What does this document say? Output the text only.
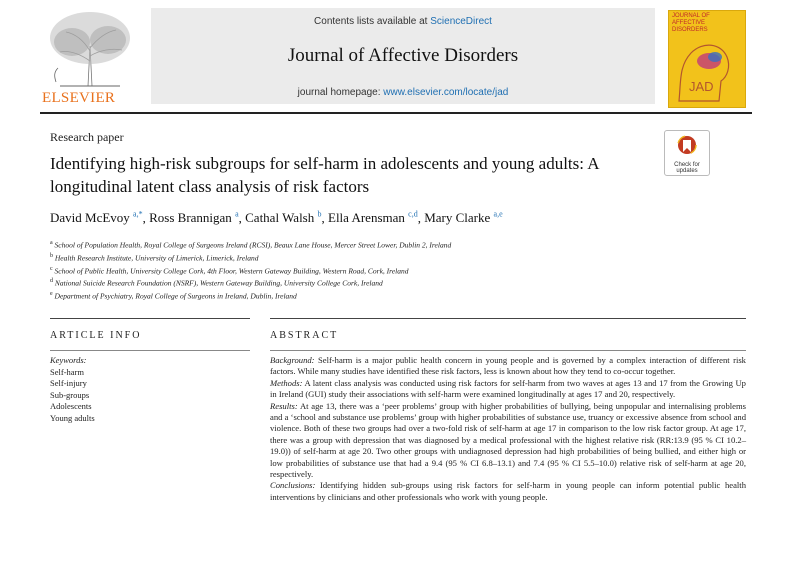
ELSEVIER
Contents lists available at ScienceDirect
Journal of Affective Disorders
journal homepage: www.elsevier.com/locate/jad
JOURNAL OF AFFECTIVE DISORDERS
JAD
Research paper
Identifying high-risk subgroups for self-harm in adolescents and young adults: A longitudinal latent class analysis of risk factors
Check for updates
David McEvoy $^{a,*}$, Ross Brannigan $^a$, Cathal Walsh $^b$, Ella Arensman $^{c,d}$, Mary Clarke $^{a,e}$
$^a$ School of Population Health, Royal College of Surgeons Ireland (RCSI), Beaux Lane House, Mercer Street Lower, Dublin 2, Ireland
$^b$ Health Research Institute, University of Limerick, Limerick, Ireland
$^c$ School of Public Health, University College Cork, 4th Floor, Western Gateway Building, Western Road, Cork, Ireland
$^d$ National Suicide Research Foundation (NSRF), Western Gateway Building, University College Cork, Ireland
$^e$ Department of Psychiatry, Royal College of Surgeons in Ireland, Dublin, Ireland
ARTICLE INFO	ABSTRACT
Keywords:
Self-harm
Self-injury
Sub-groups
Adolescents
Young adults

Background: Self-harm is a major public health concern in young people and is governed by a complex interaction of different risk factors. While many studies have identified these risk factors, less is known about how they tend to co-occur together.

Methods: A latent class analysis was conducted using risk factors for self-harm from two waves at ages 13 and 17 from the Growing Up in Ireland (GUI) study their associations with self-harm were examined longitudinally at ages 17 and 20, respectively.

Results: At age 13, there was a ‘peer problems’ group with higher probabilities of bullying, being unpopular and internalising problems and a ‘school and substance use problems’ group with higher probabilities of substance use, truancy or excessive absence from school and violence. Both of these two groups had over a two-fold risk of self-harm at age 17 in comparison to the low risk factor group. At age 17, there was a group with depression that was diagnosed by a medical professional with the highest relative risk (RR:13.9 (95 % CI 10.2–19.0)) of self-harm at age 20. Two other groups with undiagnosed depression had high probabilities of being bullied, and either high or low probabilities of substance use that had a 9.4 (95 % CI 6.8–13.1) and 7.4 (95 % CI 5.5–10.0) relative risk of self-harm at age 20, respectively.

Conclusions: Identifying hidden sub-groups using risk factors for self-harm in young people can inform potential public health interventions by clinicians and other professionals who work with young people.
